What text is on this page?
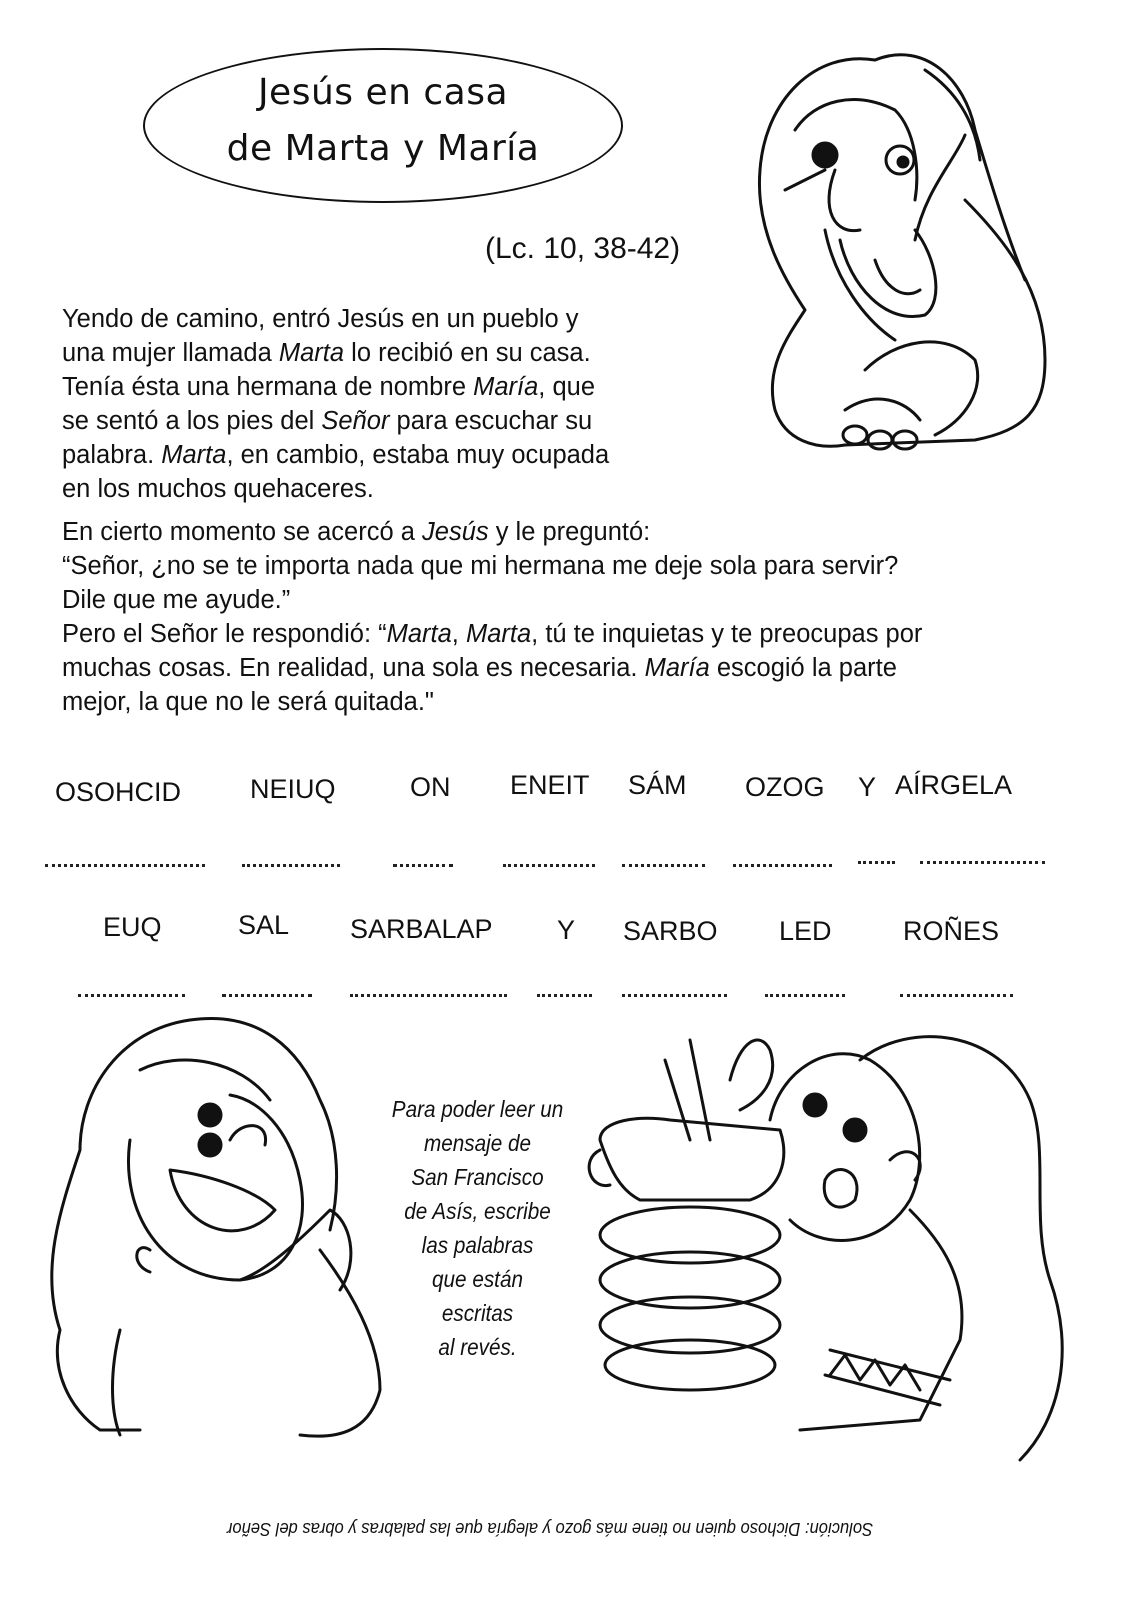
Jesús en casa
de Marta y María
(Lc. 10, 38-42)
Yendo de camino, entró Jesús en un pueblo y
una mujer llamada Marta lo recibió en su casa.
Tenía ésta una hermana de nombre María, que
se sentó a los pies del Señor para escuchar su
palabra. Marta, en cambio, estaba muy ocupada
en los muchos quehaceres.
En cierto momento se acercó a Jesús y le preguntó:
“Señor, ¿no se te importa nada que mi hermana me deje sola para servir?
Dile que me ayude.”
Pero el Señor le respondió: “Marta, Marta, tú te inquietas y te preocupas por
muchas cosas. En realidad, una sola es necesaria. María escogió la parte
mejor, la que no le será quitada."
OSOHCID	NEIUQ	ON ENEIT SÁM OZOG Y AÍRGELA
EUQ	SAL SARBALAP Y SARBO LED	ROÑES
Para poder leer un
mensaje de
San Francisco
de Asís, escribe
las palabras
que están
escritas
al revés.
Solución: Dichoso quien no tiene más gozo y alegría que las palabras y obras del Señor
